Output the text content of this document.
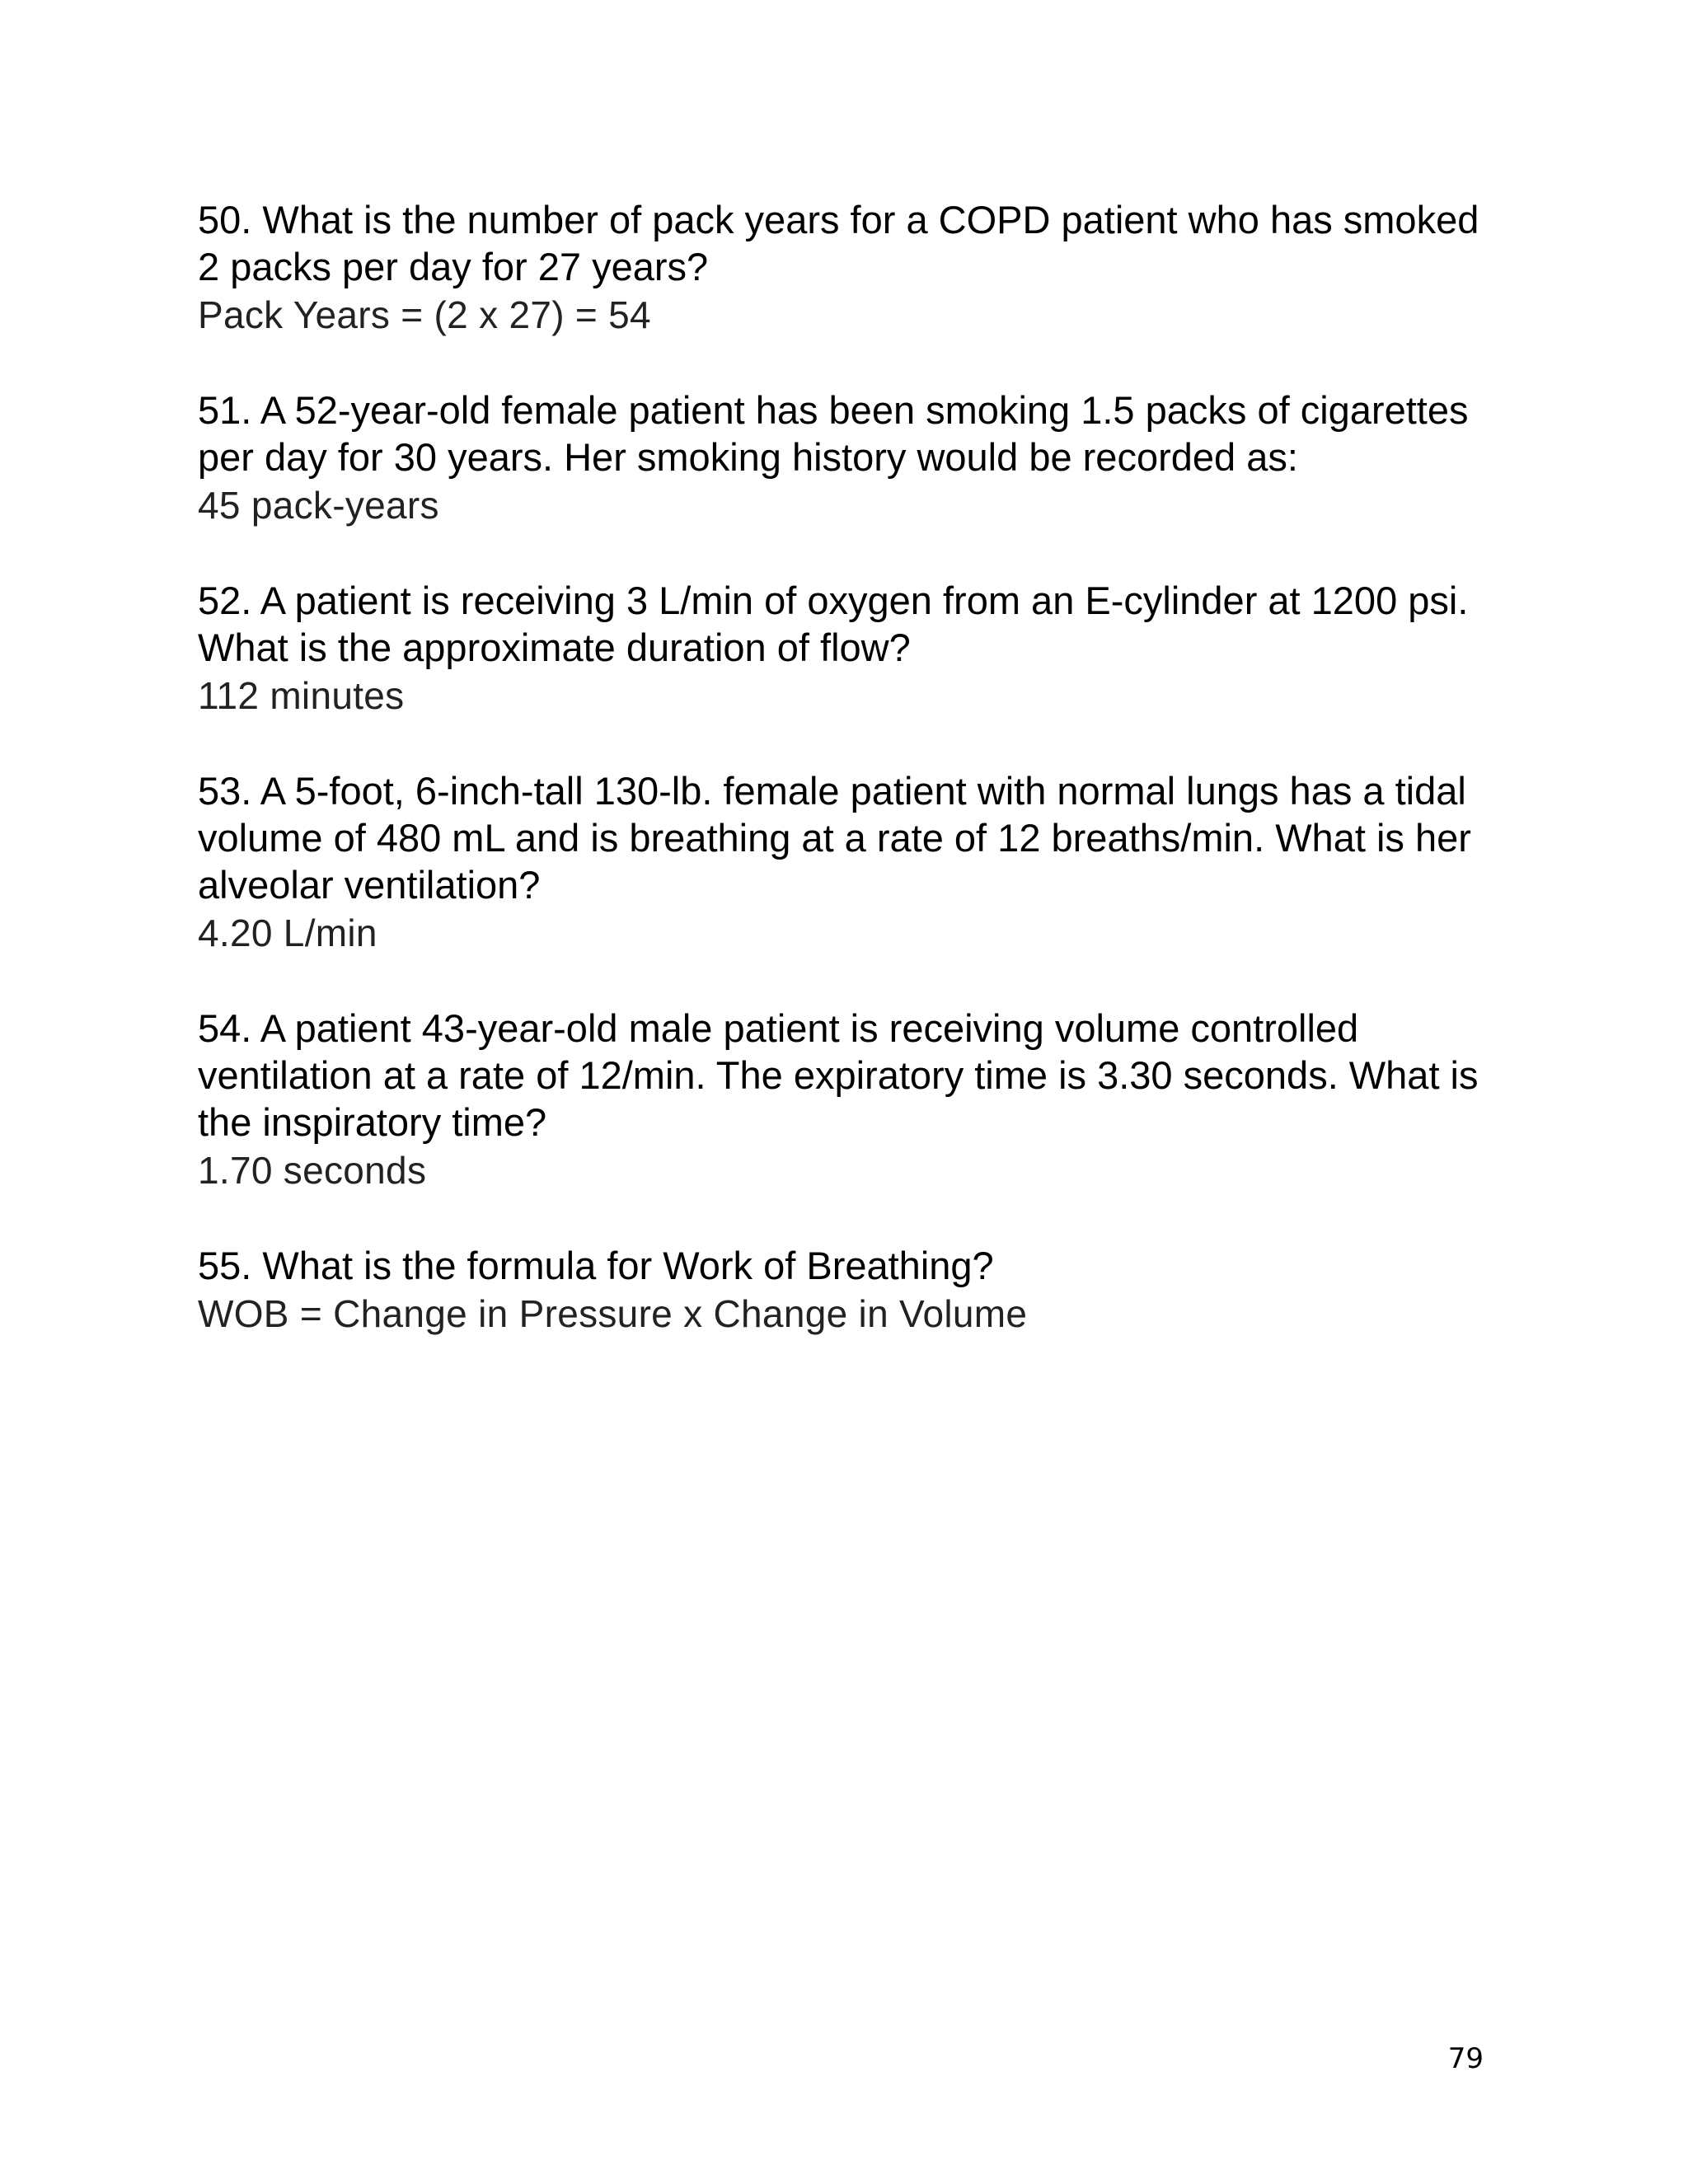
50. What is the number of pack years for a COPD patient who has smoked 2 packs per day for 27 years?

Pack Years = (2 x 27) = 54

51. A 52-year-old female patient has been smoking 1.5 packs of cigarettes per day for 30 years. Her smoking history would be recorded as:

45 pack-years

52. A patient is receiving 3 L/min of oxygen from an E-cylinder at 1200 psi. What is the approximate duration of flow?

112 minutes

53. A 5-foot, 6-inch-tall 130-lb. female patient with normal lungs has a tidal volume of 480 mL and is breathing at a rate of 12 breaths/min. What is her alveolar ventilation?

4.20 L/min

54. A patient 43-year-old male patient is receiving volume controlled ventilation at a rate of 12/min. The expiratory time is 3.30 seconds. What is the inspiratory time?

1.70 seconds

55. What is the formula for Work of Breathing?

WOB = Change in Pressure x Change in Volume

79
